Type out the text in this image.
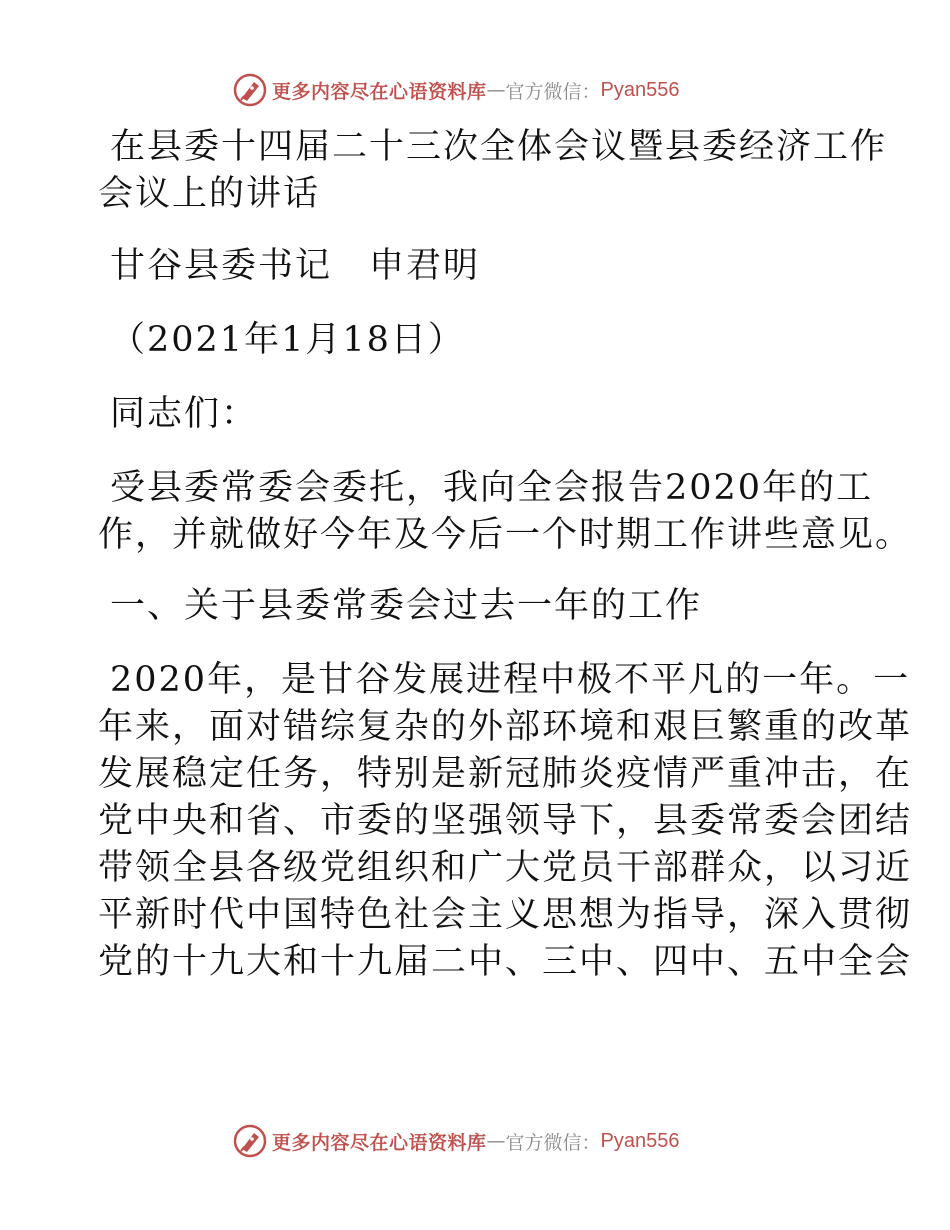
更多内容尽在心语资料库 — 官方微信： Pyan556

在县委十四届二十三次全体会议暨县委经济工作

会议上的讲话

甘谷县委书记　申君明

（2021年1月18日）

同志们：

受县委常委会委托，我向全会报告2020年的工

作，并就做好今年及今后一个时期工作讲些意见。

一、关于县委常委会过去一年的工作

2020年，是甘谷发展进程中极不平凡的一年。一

年来，面对错综复杂的外部环境和艰巨繁重的改革

发展稳定任务，特别是新冠肺炎疫情严重冲击，在

党中央和省、市委的坚强领导下，县委常委会团结

带领全县各级党组织和广大党员干部群众，以习近

平新时代中国特色社会主义思想为指导，深入贯彻

党的十九大和十九届二中、三中、四中、五中全会

更多内容尽在心语资料库 — 官方微信： Pyan556
